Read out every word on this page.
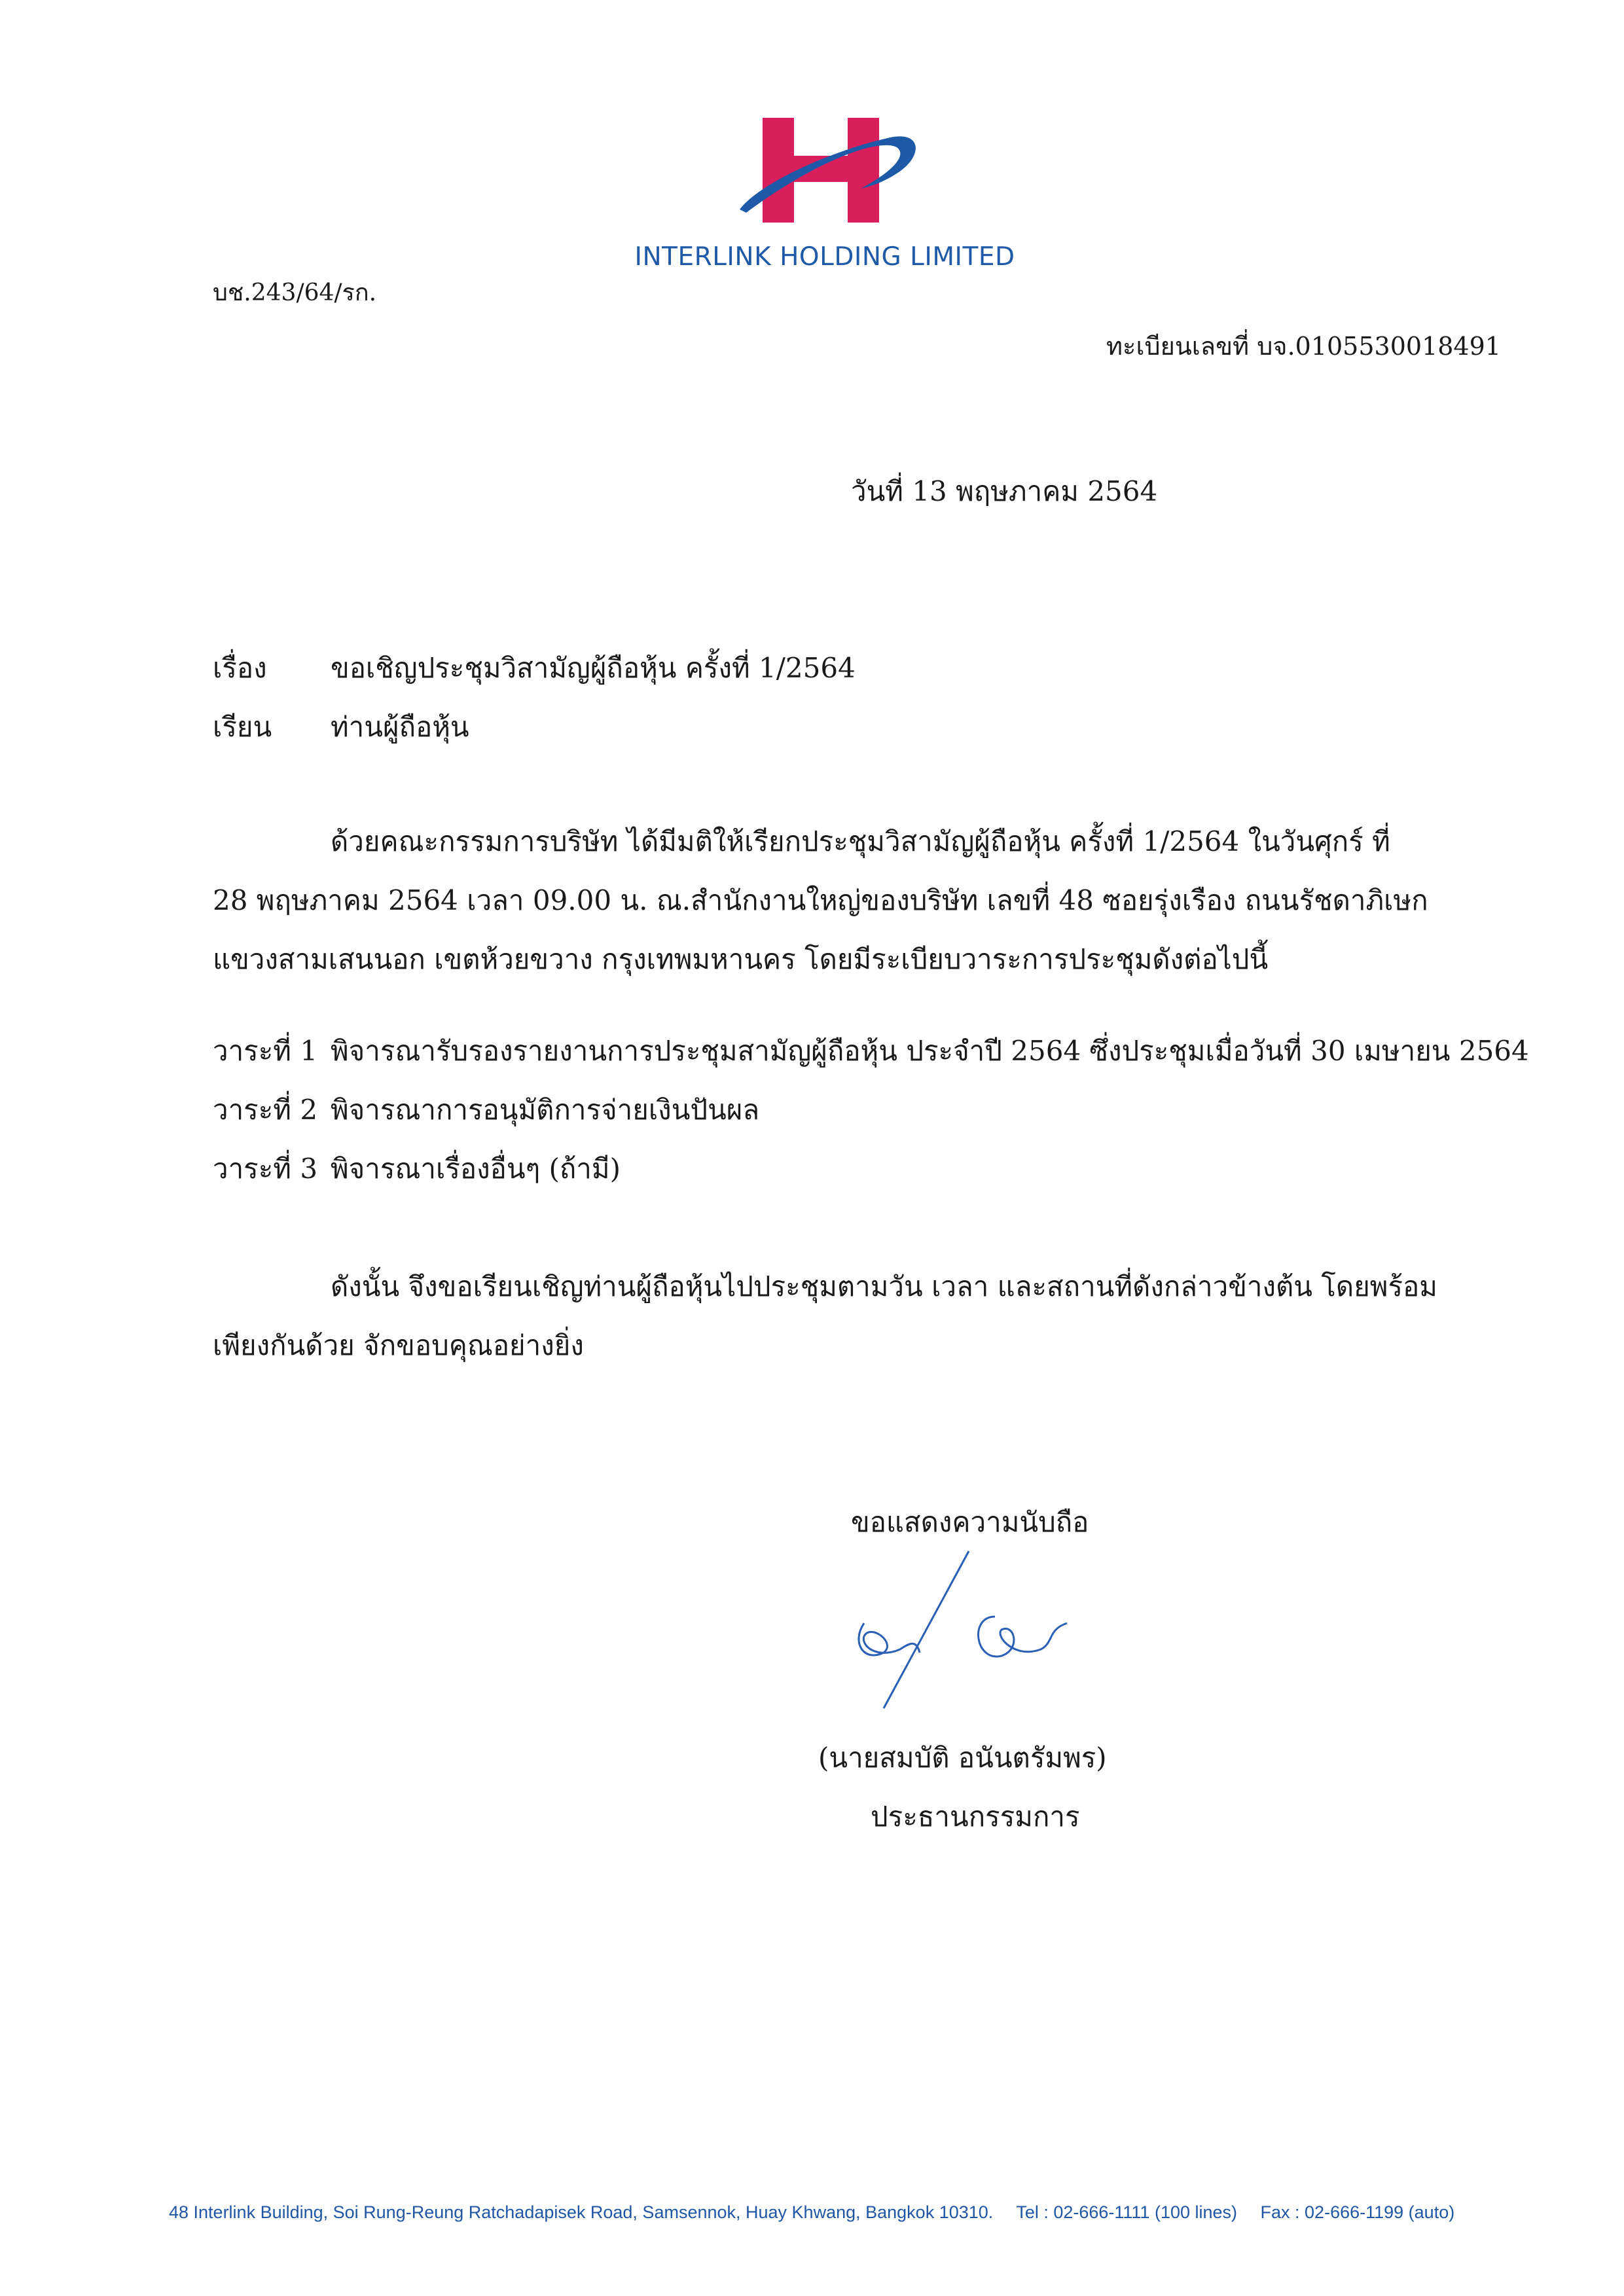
INTERLINK HOLDING LIMITED
บช.243/64/รก.
ทะเบียนเลขที่ บจ.0105530018491
วันที่ 13 พฤษภาคม 2564
เรื่อง ขอเชิญประชุมวิสามัญผู้ถือหุ้น ครั้งที่ 1/2564
เรียน ท่านผู้ถือหุ้น
ด้วยคณะกรรมการบริษัท ได้มีมติให้เรียกประชุมวิสามัญผู้ถือหุ้น ครั้งที่ 1/2564 ในวันศุกร์ ที่
28 พฤษภาคม 2564 เวลา 09.00 น. ณ.สำนักงานใหญ่ของบริษัท เลขที่ 48 ซอยรุ่งเรือง ถนนรัชดาภิเษก
แขวงสามเสนนอก เขตห้วยขวาง กรุงเทพมหานคร โดยมีระเบียบวาระการประชุมดังต่อไปนี้
วาระที่ 1 พิจารณารับรองรายงานการประชุมสามัญผู้ถือหุ้น ประจำปี 2564 ซึ่งประชุมเมื่อวันที่ 30 เมษายน 2564
วาระที่ 2 พิจารณาการอนุมัติการจ่ายเงินปันผล
วาระที่ 3 พิจารณาเรื่องอื่นๆ (ถ้ามี)
ดังนั้น จึงขอเรียนเชิญท่านผู้ถือหุ้นไปประชุมตามวัน เวลา และสถานที่ดังกล่าวข้างต้น โดยพร้อม
เพียงกันด้วย จักขอบคุณอย่างยิ่ง
ขอแสดงความนับถือ
(นายสมบัติ อนันตรัมพร)
ประธานกรรมการ
48 Interlink Building, Soi Rung-Reung Ratchadapisek Road, Samsennok, Huay Khwang, Bangkok 10310. Tel : 02-666-1111 (100 lines) Fax : 02-666-1199 (auto)
